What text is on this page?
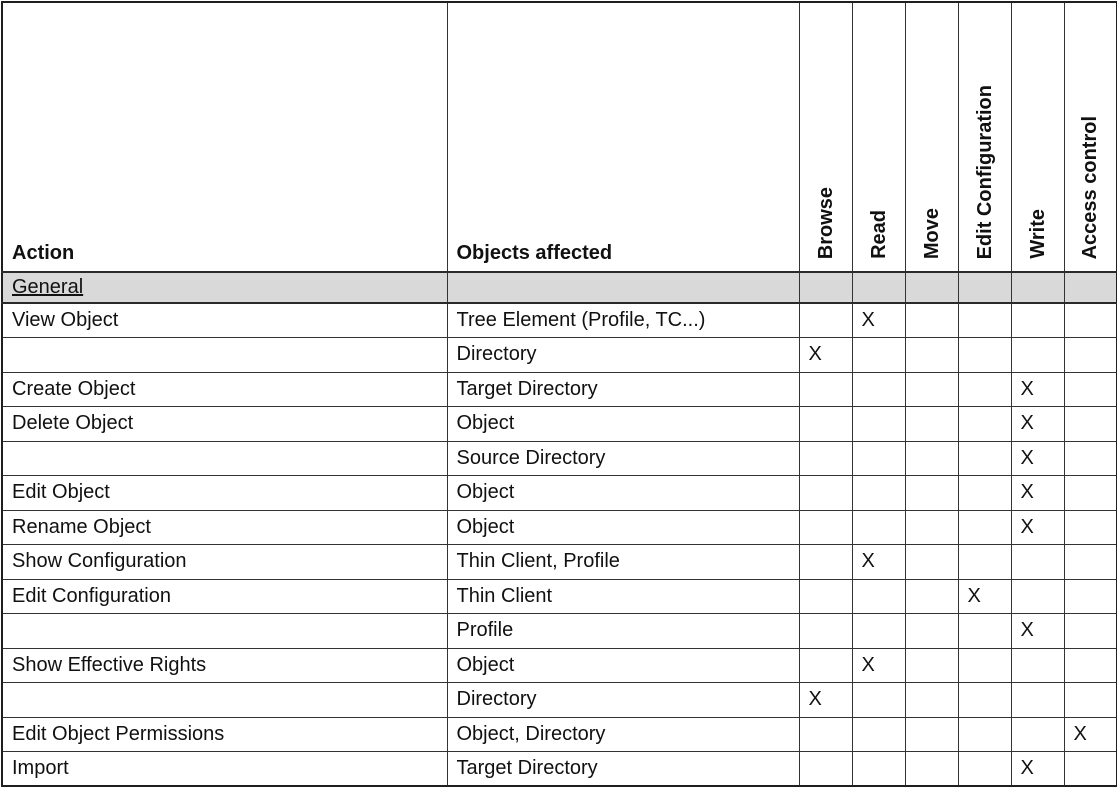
Action	Objects affected	Browse	Read	Move	Edit Configuration	Write	Access control
General							
View Object	Tree Element (Profile, TC...)		X				
	Directory	X					
Create Object	Target Directory					X	
Delete Object	Object					X	
	Source Directory					X	
Edit Object	Object					X	
Rename Object	Object					X	
Show Configuration	Thin Client, Profile		X				
Edit Configuration	Thin Client				X		
	Profile					X	
Show Effective Rights	Object		X				
	Directory	X					
Edit Object Permissions	Object, Directory						X
Import	Target Directory					X	
